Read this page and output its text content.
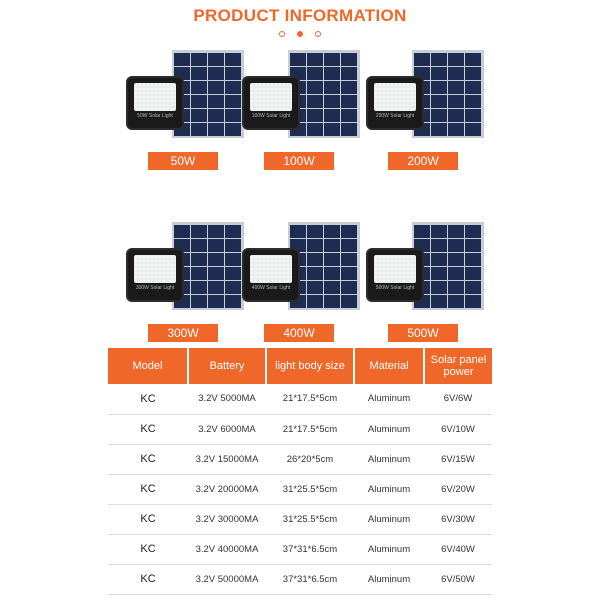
PRODUCT INFORMATION

50W Solar Light
50W
100W Solar Light
100W
200W Solar Light
200W
300W Solar Light
300W
400W Solar Light
400W
500W Solar Light
500W
Model	Battery	light body size	Material	Solar panel power
KC	3.2V 5000MA	21*17.5*5cm	Aluminum	6V/6W
KC	3.2V 6000MA	21*17.5*5cm	Aluminum	6V/10W
KC	3.2V 15000MA	26*20*5cm	Aluminum	6V/15W
KC	3.2V 20000MA	31*25.5*5cm	Aluminum	6V/20W
KC	3.2V 30000MA	31*25.5*5cm	Aluminum	6V/30W
KC	3.2V 40000MA	37*31*6.5cm	Aluminum	6V/40W
KC	3.2V 50000MA	37*31*6.5cm	Aluminum	6V/50W
